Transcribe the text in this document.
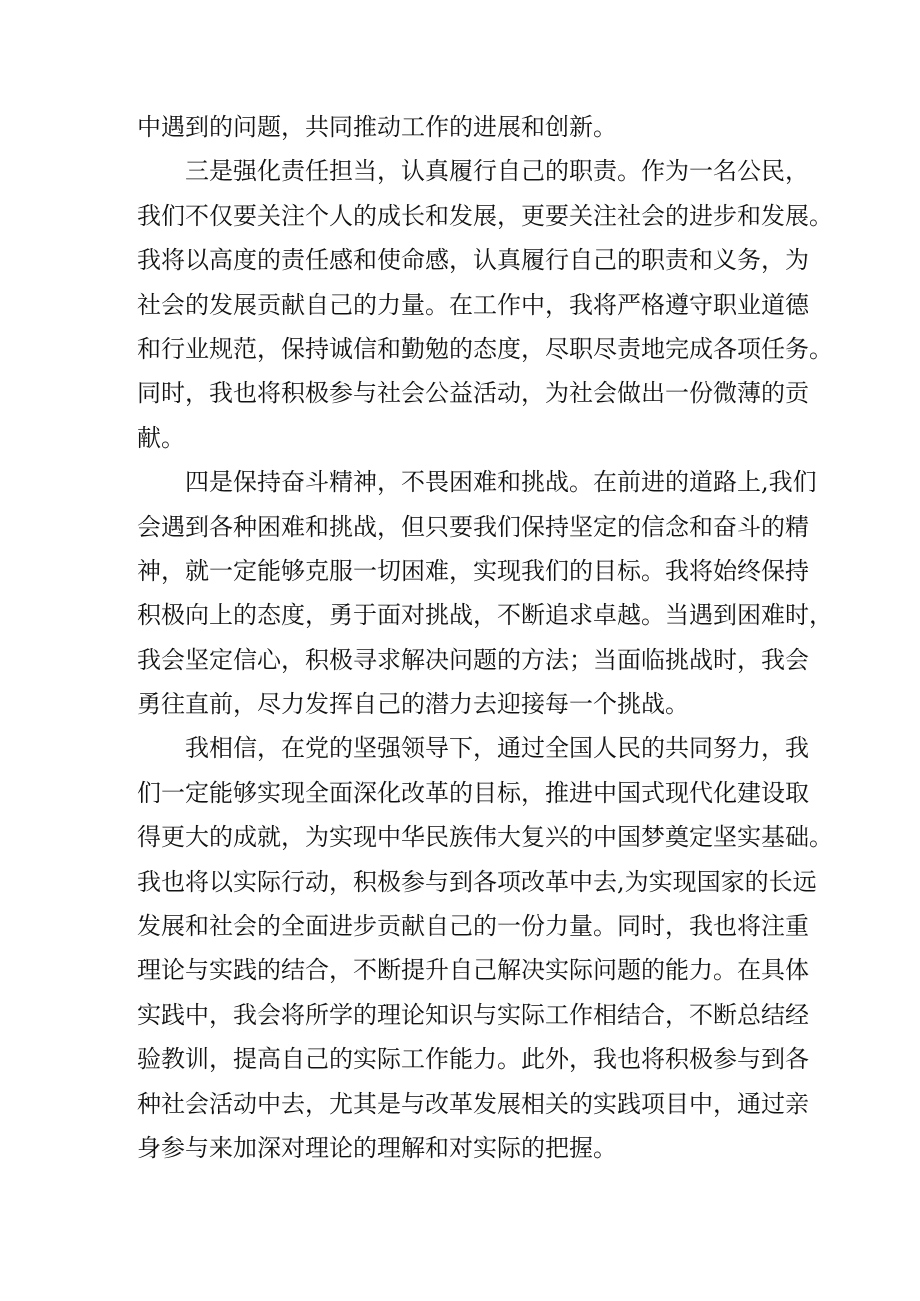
中遇到的问题，共同推动工作的进展和创新。
三是强化责任担当，认真履行自己的职责。作为一名公民，
我们不仅要关注个人的成长和发展，更要关注社会的进步和发展。
我将以高度的责任感和使命感，认真履行自己的职责和义务，为
社会的发展贡献自己的力量。在工作中，我将严格遵守职业道德
和行业规范，保持诚信和勤勉的态度，尽职尽责地完成各项任务。
同时，我也将积极参与社会公益活动，为社会做出一份微薄的贡
献。
四是保持奋斗精神，不畏困难和挑战。在前进的道路上,我们
会遇到各种困难和挑战，但只要我们保持坚定的信念和奋斗的精
神，就一定能够克服一切困难，实现我们的目标。我将始终保持
积极向上的态度，勇于面对挑战，不断追求卓越。当遇到困难时，
我会坚定信心，积极寻求解决问题的方法；当面临挑战时，我会
勇往直前，尽力发挥自己的潜力去迎接每一个挑战。
我相信，在党的坚强领导下，通过全国人民的共同努力，我
们一定能够实现全面深化改革的目标，推进中国式现代化建设取
得更大的成就，为实现中华民族伟大复兴的中国梦奠定坚实基础。
我也将以实际行动，积极参与到各项改革中去,为实现国家的长远
发展和社会的全面进步贡献自己的一份力量。同时，我也将注重
理论与实践的结合，不断提升自己解决实际问题的能力。在具体
实践中，我会将所学的理论知识与实际工作相结合，不断总结经
验教训，提高自己的实际工作能力。此外，我也将积极参与到各
种社会活动中去，尤其是与改革发展相关的实践项目中，通过亲
身参与来加深对理论的理解和对实际的把握。
